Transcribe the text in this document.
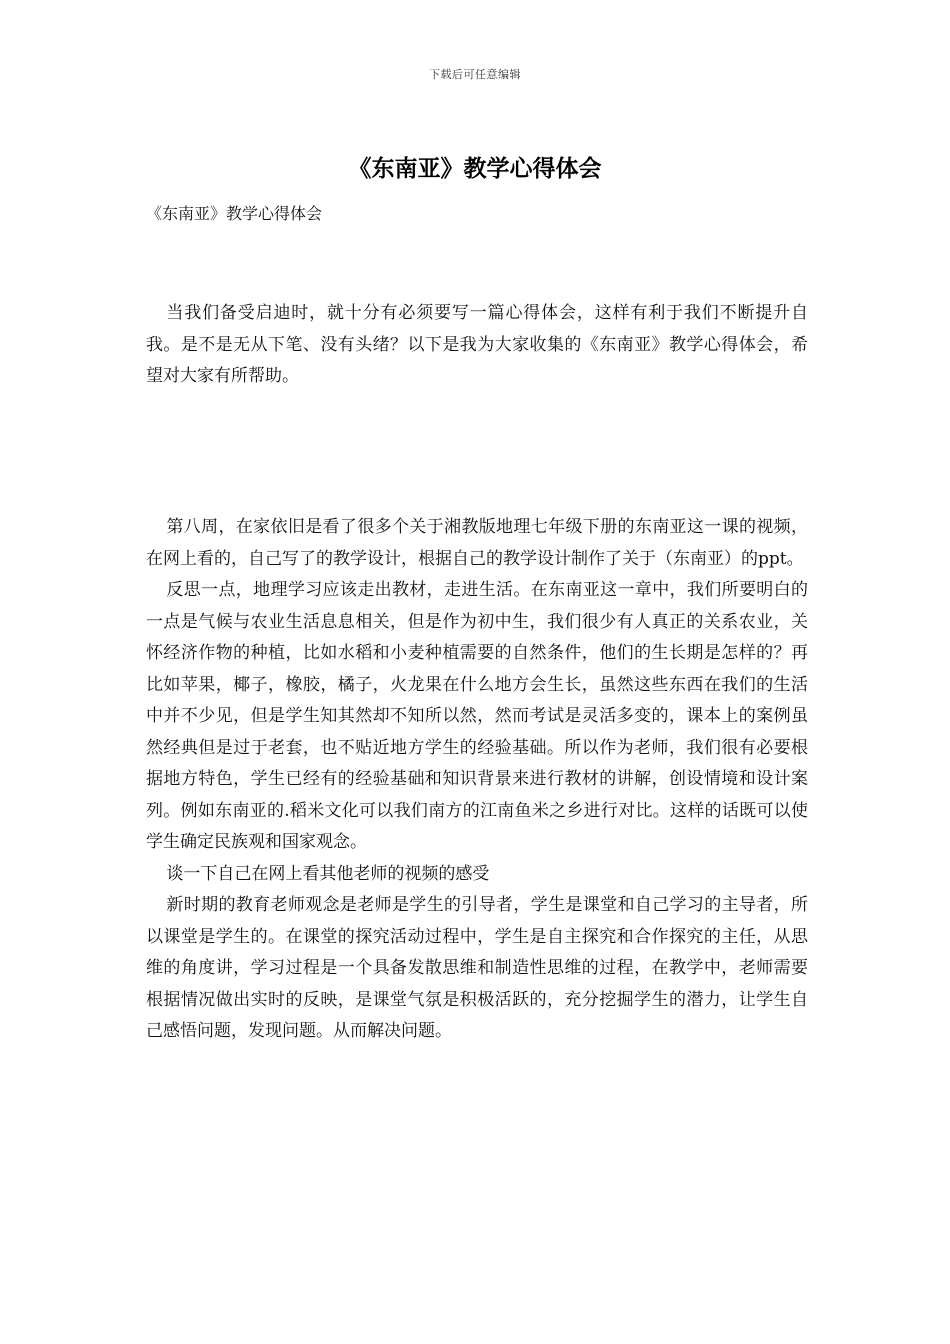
下载后可任意编辑
《东南亚》教学心得体会

《东南亚》教学心得体会

当我们备受启迪时，就十分有必须要写一篇心得体会，这样有利于我们不断提升自我。是不是无从下笔、没有头绪？以下是我为大家收集的《东南亚》教学心得体会，希望对大家有所帮助。

第八周，在家依旧是看了很多个关于湘教版地理七年级下册的东南亚这一课的视频，在网上看的，自己写了的教学设计，根据自己的教学设计制作了关于（东南亚）的ppt。

反思一点，地理学习应该走出教材，走进生活。在东南亚这一章中，我们所要明白的一点是气候与农业生活息息相关，但是作为初中生，我们很少有人真正的关系农业，关怀经济作物的种植，比如水稻和小麦种植需要的自然条件，他们的生长期是怎样的？再比如苹果，椰子，橡胶，橘子，火龙果在什么地方会生长，虽然这些东西在我们的生活中并不少见，但是学生知其然却不知所以然，然而考试是灵活多变的，课本上的案例虽然经典但是过于老套，也不贴近地方学生的经验基础。所以作为老师，我们很有必要根据地方特色，学生已经有的经验基础和知识背景来进行教材的讲解，创设情境和设计案列。例如东南亚的.稻米文化可以我们南方的江南鱼米之乡进行对比。这样的话既可以使学生确定民族观和国家观念。

谈一下自己在网上看其他老师的视频的感受

新时期的教育老师观念是老师是学生的引导者，学生是课堂和自己学习的主导者，所以课堂是学生的。在课堂的探究活动过程中，学生是自主探究和合作探究的主任，从思维的角度讲，学习过程是一个具备发散思维和制造性思维的过程，在教学中，老师需要根据情况做出实时的反映，是课堂气氛是积极活跃的，充分挖掘学生的潜力，让学生自己感悟问题，发现问题。从而解决问题。
